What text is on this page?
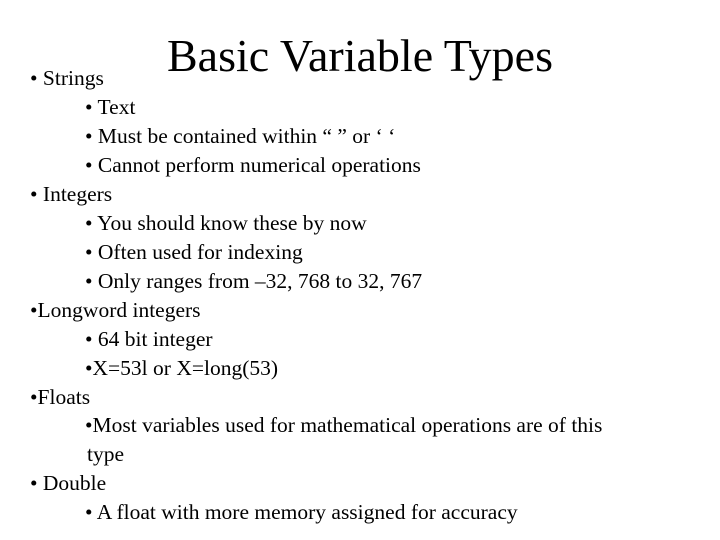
Basic Variable Types
• Strings
• Text
• Must be contained within “ ” or ‘ ‘
• Cannot perform numerical operations
• Integers
• You should know these by now
• Often used for indexing
• Only ranges from –32, 768 to 32, 767
•Longword integers
• 64 bit integer
•X=53l or X=long(53)
•Floats
•Most variables used for mathematical operations are of this
type
• Double
• A float with more memory assigned for accuracy
